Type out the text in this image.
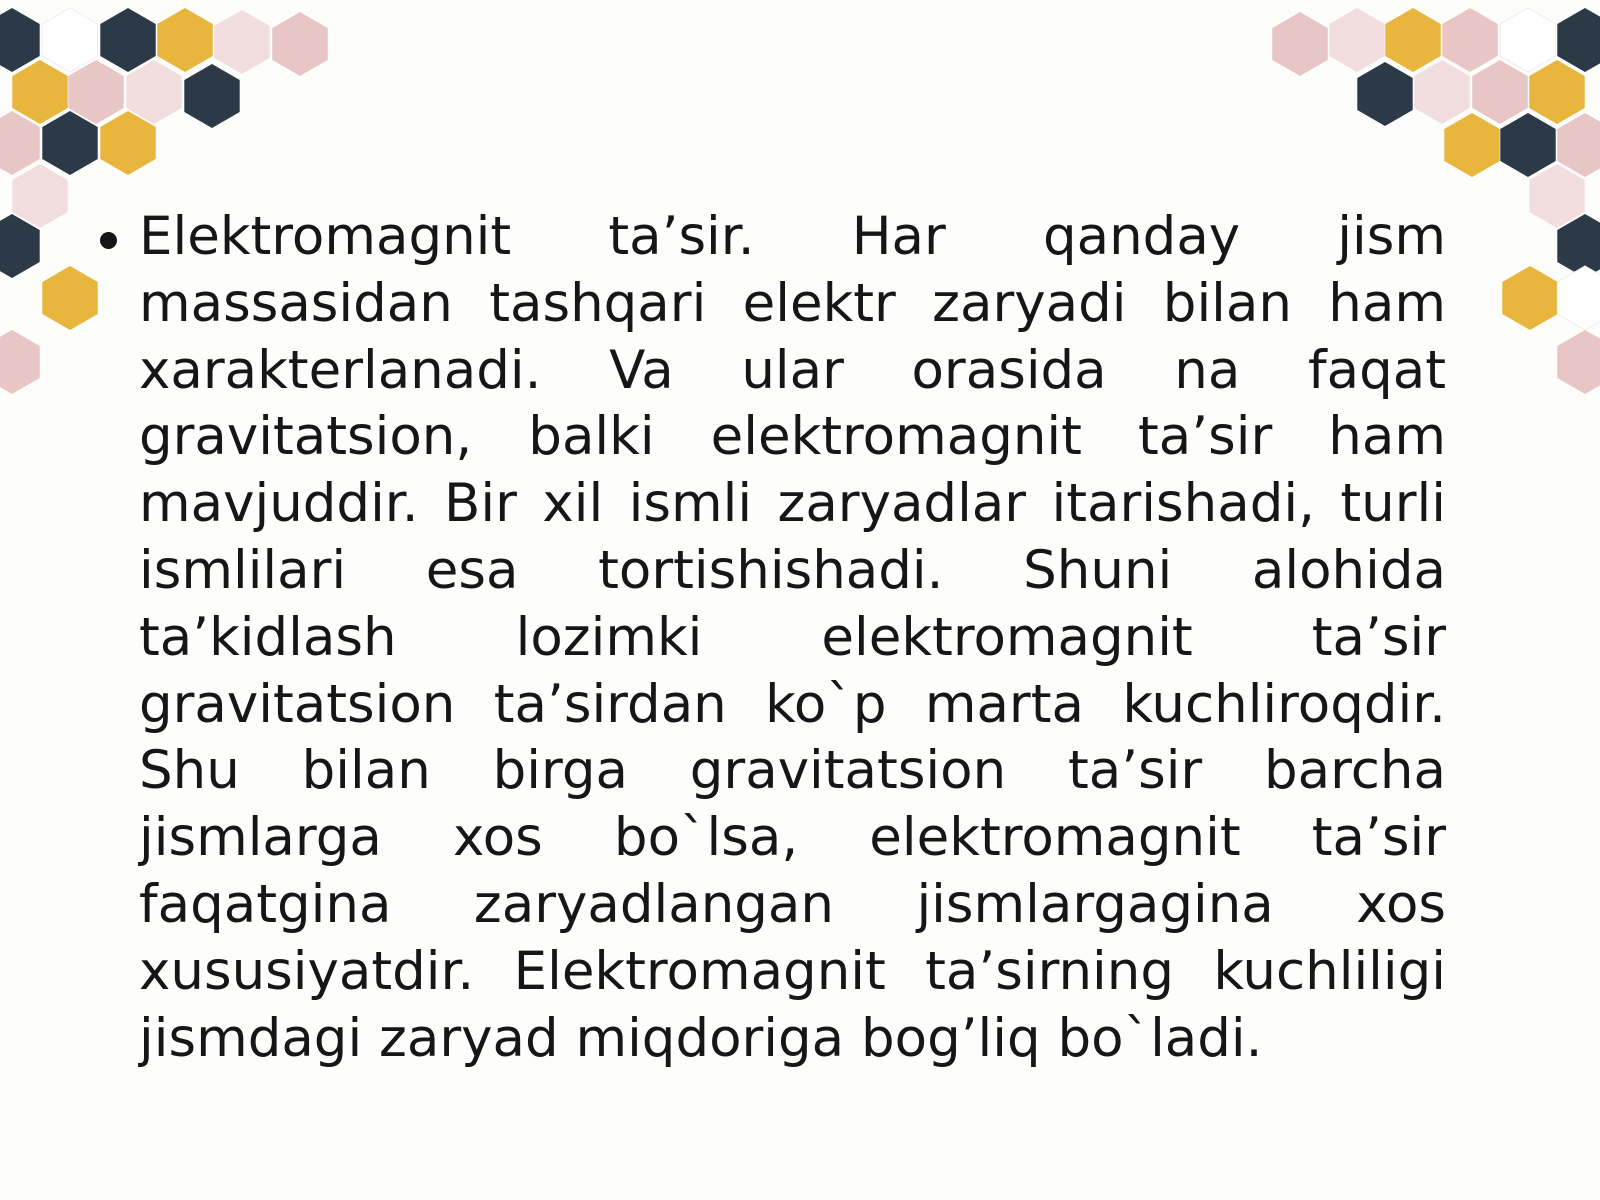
Elektromagnit ta’sir. Har qanday jism massasidan tashqari elektr zaryadi bilan ham xarakterlanadi. Va ular orasida na faqat gravitatsion, balki elektromagnit ta’sir ham mavjuddir. Bir xil ismli zaryadlar itarishadi, turli ismlilari esa tortishishadi. Shuni alohida ta’kidlash lozimki elektromagnit ta’sir gravitatsion ta’sirdan ko`p marta kuchliroqdir. Shu bilan birga gravitatsion ta’sir barcha jismlarga xos bo`lsa, elektromagnit ta’sir faqatgina zaryadlangan jismlargagina xos xususiyatdir. Elektromagnit ta’sirning kuchliligi jismdagi zaryad miqdoriga bog’liq bo`ladi.
